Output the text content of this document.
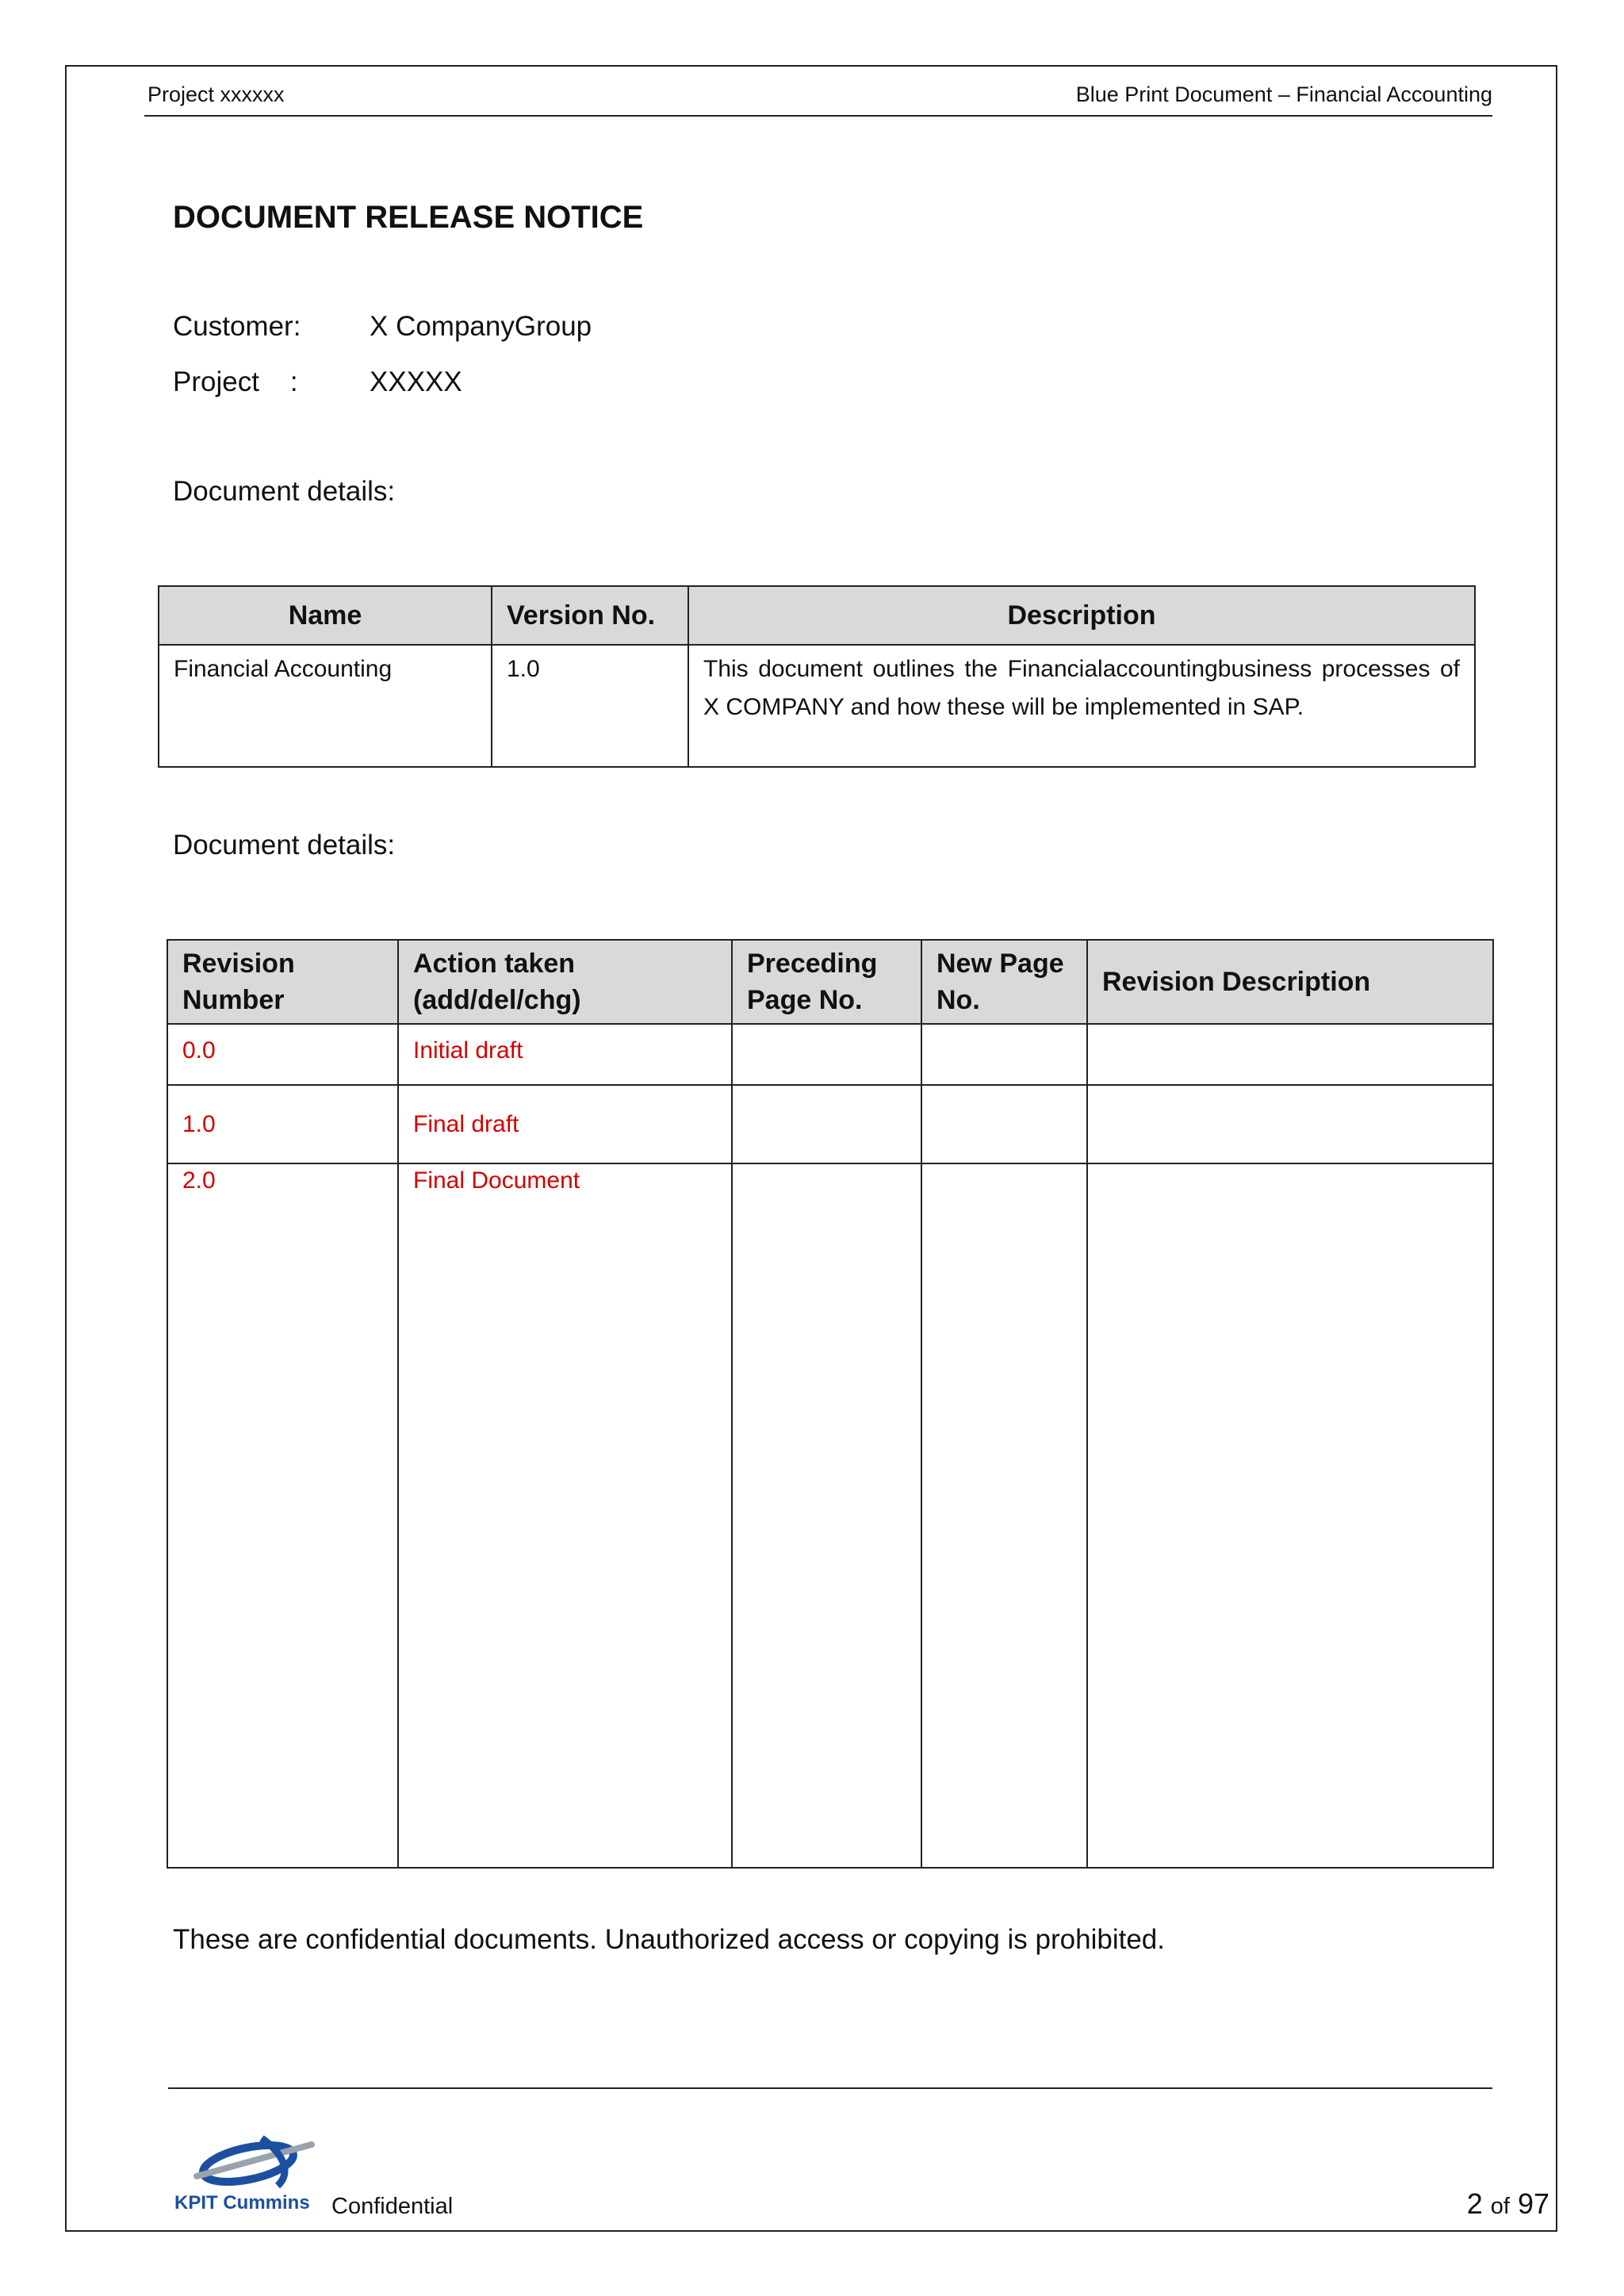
Project xxxxxx	Blue Print Document – Financial Accounting
DOCUMENT RELEASE NOTICE
Customer: X CompanyGroup
Project    :	XXXXX
Document details:
Name	Version No.	Description
Financial Accounting	1.0	This document outlines the Financialaccountingbusiness processes of X COMPANY and how these will be implemented in SAP.
Document details:
Revision Number	Action taken (add/del/chg)	Preceding Page No.	New Page No.	Revision Description
0.0	Initial draft			
1.0	Final draft			
2.0	Final Document			
These are confidential documents. Unauthorized access or copying is prohibited.
KPIT Cummins Confidential	2 of 97
